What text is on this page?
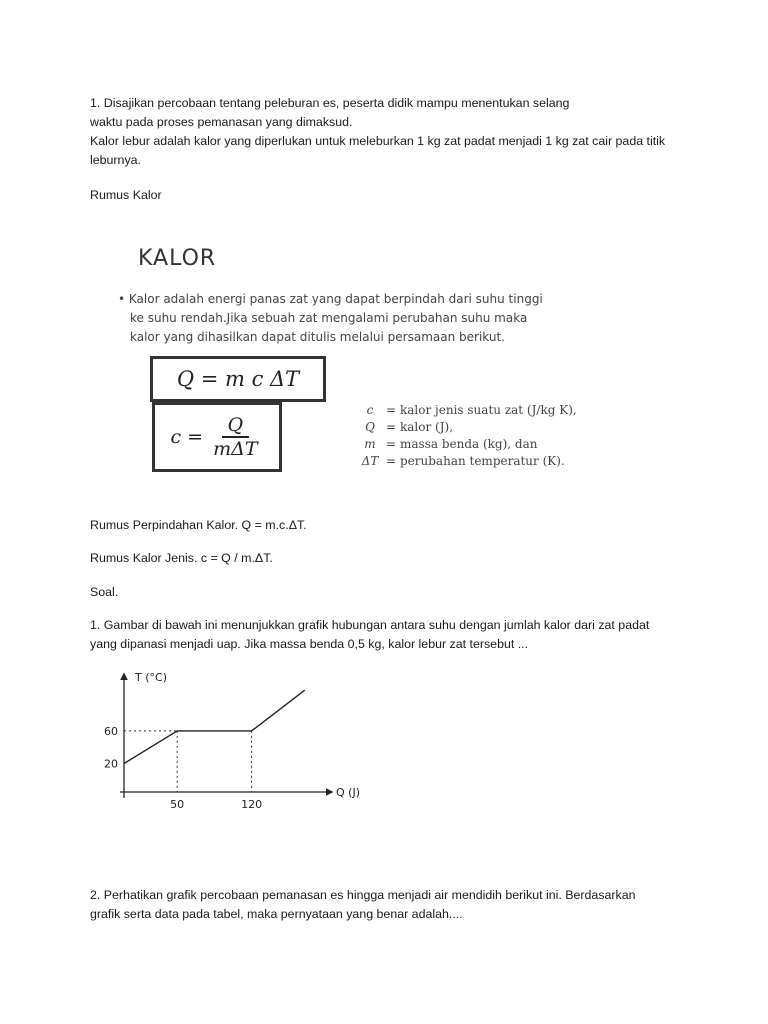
1. Disajikan percobaan tentang peleburan es, peserta didik mampu menentukan selang
waktu pada proses pemanasan yang dimaksud.
Kalor lebur adalah kalor yang diperlukan untuk meleburkan 1 kg zat padat menjadi 1 kg zat cair pada titik
leburnya.

Rumus Kalor

KALOR
• Kalor adalah energi panas zat yang dapat berpindah dari suhu tinggi
ke suhu rendah.Jika sebuah zat mengalami perubahan suhu maka
kalor yang dihasilkan dapat ditulis melalui persamaan berikut.
Q = m c ΔT
$c = \frac{Q}{\text{mΔT}}$
c	= kalor jenis suatu zat (J/kg K),
Q = kalor (J),
m = massa benda (kg), dan
ΔT = perubahan temperatur (K).

Rumus Perpindahan Kalor. Q = m.c.ΔT.

Rumus Kalor Jenis. c = Q / m.ΔT.

Soal.

1. Gambar di bawah ini menunjukkan grafik hubungan antara suhu dengan jumlah kalor dari zat padat
yang dipanasi menjadi uap. Jika massa benda 0,5 kg, kalor lebur zat tersebut ...

T (°C)
Q (J)
60
20
50	120

2. Perhatikan grafik percobaan pemanasan es hingga menjadi air mendidih berikut ini. Berdasarkan
grafik serta data pada tabel, maka pernyataan yang benar adalah....
